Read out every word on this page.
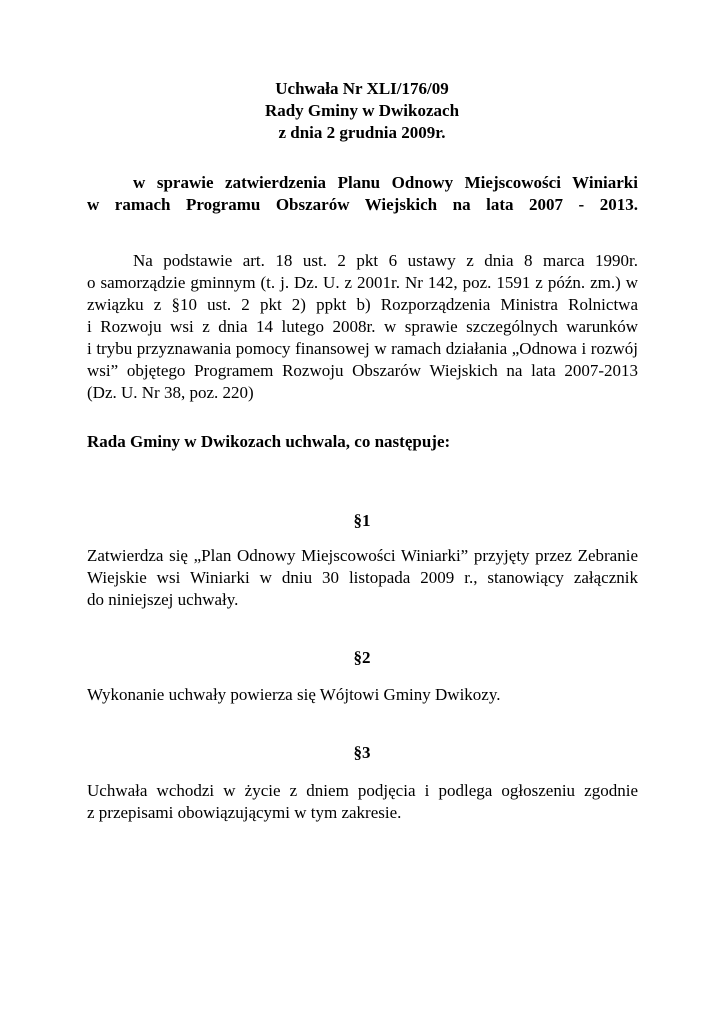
Uchwała Nr XLI/176/09
Rady Gminy w Dwikozach
z dnia 2 grudnia 2009r.
w sprawie zatwierdzenia Planu Odnowy Miejscowości Winiarki
w ramach Programu Obszarów Wiejskich na lata 2007 - 2013.
Na podstawie art. 18 ust. 2 pkt 6 ustawy z dnia 8 marca 1990r.
o samorządzie gminnym (t. j. Dz. U. z 2001r. Nr 142, poz. 1591 z późn. zm.) w
związku z §10 ust. 2 pkt 2) ppkt b) Rozporządzenia Ministra Rolnictwa
i Rozwoju wsi z dnia 14 lutego 2008r. w sprawie szczególnych warunków
i trybu przyznawania pomocy finansowej w ramach działania „Odnowa i rozwój
wsi” objętego Programem Rozwoju Obszarów Wiejskich na lata 2007-2013
(Dz. U. Nr 38, poz. 220)
Rada Gminy w Dwikozach uchwala, co następuje:
§1
Zatwierdza się „Plan Odnowy Miejscowości Winiarki” przyjęty przez Zebranie
Wiejskie wsi Winiarki w dniu 30 listopada 2009 r., stanowiący załącznik
do niniejszej uchwały.
§2
Wykonanie uchwały powierza się Wójtowi Gminy Dwikozy.
§3
Uchwała wchodzi w życie z dniem podjęcia i podlega ogłoszeniu zgodnie
z przepisami obowiązującymi w tym zakresie.
